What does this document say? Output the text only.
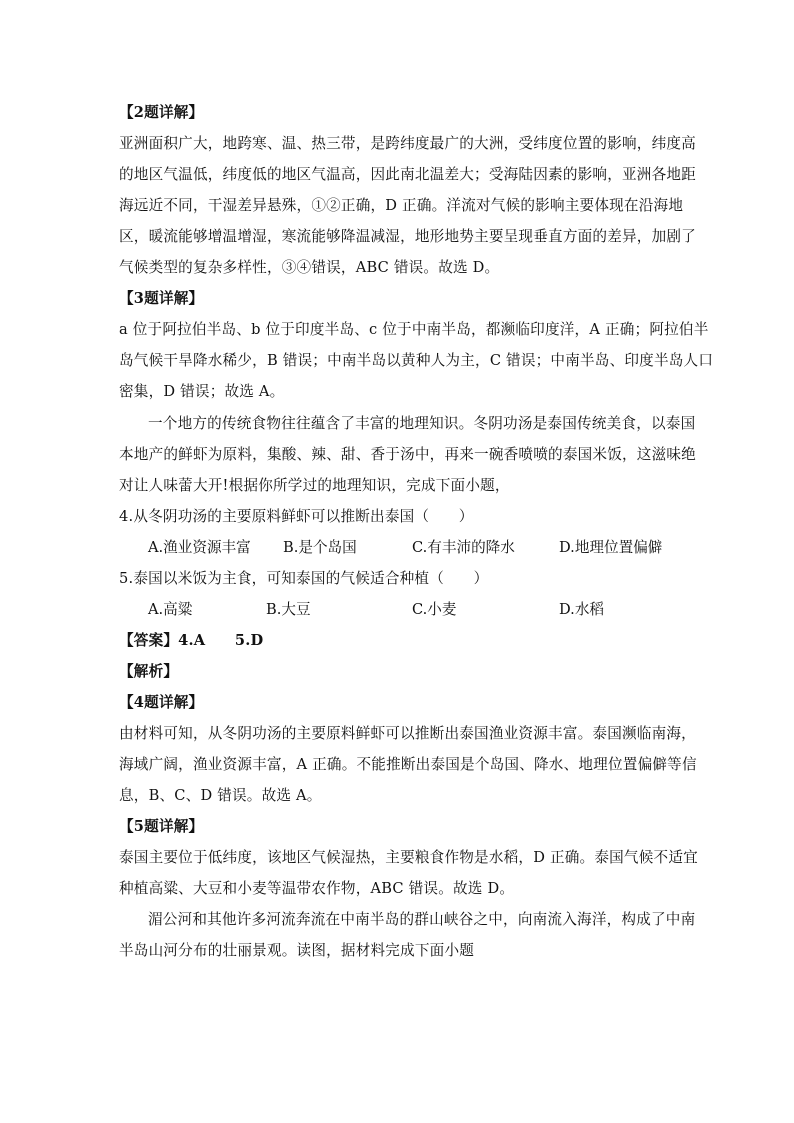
【2题详解】
亚洲面积广大，地跨寒、温、热三带，是跨纬度最广的大洲，受纬度位置的影响，纬度高
的地区气温低，纬度低的地区气温高，因此南北温差大；受海陆因素的影响，亚洲各地距
海远近不同，干湿差异悬殊，①②正确，D 正确。洋流对气候的影响主要体现在沿海地
区，暖流能够增温增湿，寒流能够降温减湿，地形地势主要呈现垂直方面的差异，加剧了
气候类型的复杂多样性，③④错误，ABC 错误。故选 D。
【3题详解】
a 位于阿拉伯半岛、b 位于印度半岛、c 位于中南半岛，都濒临印度洋，A 正确；阿拉伯半
岛气候干旱降水稀少，B 错误；中南半岛以黄种人为主，C 错误；中南半岛、印度半岛人口
密集，D 错误；故选 A。
一个地方的传统食物往往蕴含了丰富的地理知识。冬阴功汤是泰国传统美食，以泰国
本地产的鲜虾为原料，集酸、辣、甜、香于汤中，再来一碗香喷喷的泰国米饭，这滋味绝
对让人味蕾大开!根据你所学过的地理知识，完成下面小题，
4.从冬阴功汤的主要原料鲜虾可以推断出泰国（　　）
A.渔业资源丰富 B.是个岛国	C.有丰沛的降水	D.地理位置偏僻
5.泰国以米饭为主食，可知泰国的气候适合种植（　　）
A.高粱	B.大豆	C.小麦	D.水稻
【答案】4.A　　5.D
【解析】
【4题详解】
由材料可知，从冬阴功汤的主要原料鲜虾可以推断出泰国渔业资源丰富。泰国濒临南海，
海域广阔，渔业资源丰富，A 正确。不能推断出泰国是个岛国、降水、地理位置偏僻等信
息，B、C、D 错误。故选 A。
【5题详解】
泰国主要位于低纬度，该地区气候湿热，主要粮食作物是水稻，D 正确。泰国气候不适宜
种植高粱、大豆和小麦等温带农作物，ABC 错误。故选 D。
湄公河和其他许多河流奔流在中南半岛的群山峡谷之中，向南流入海洋，构成了中南
半岛山河分布的壮丽景观。读图，据材料完成下面小题
